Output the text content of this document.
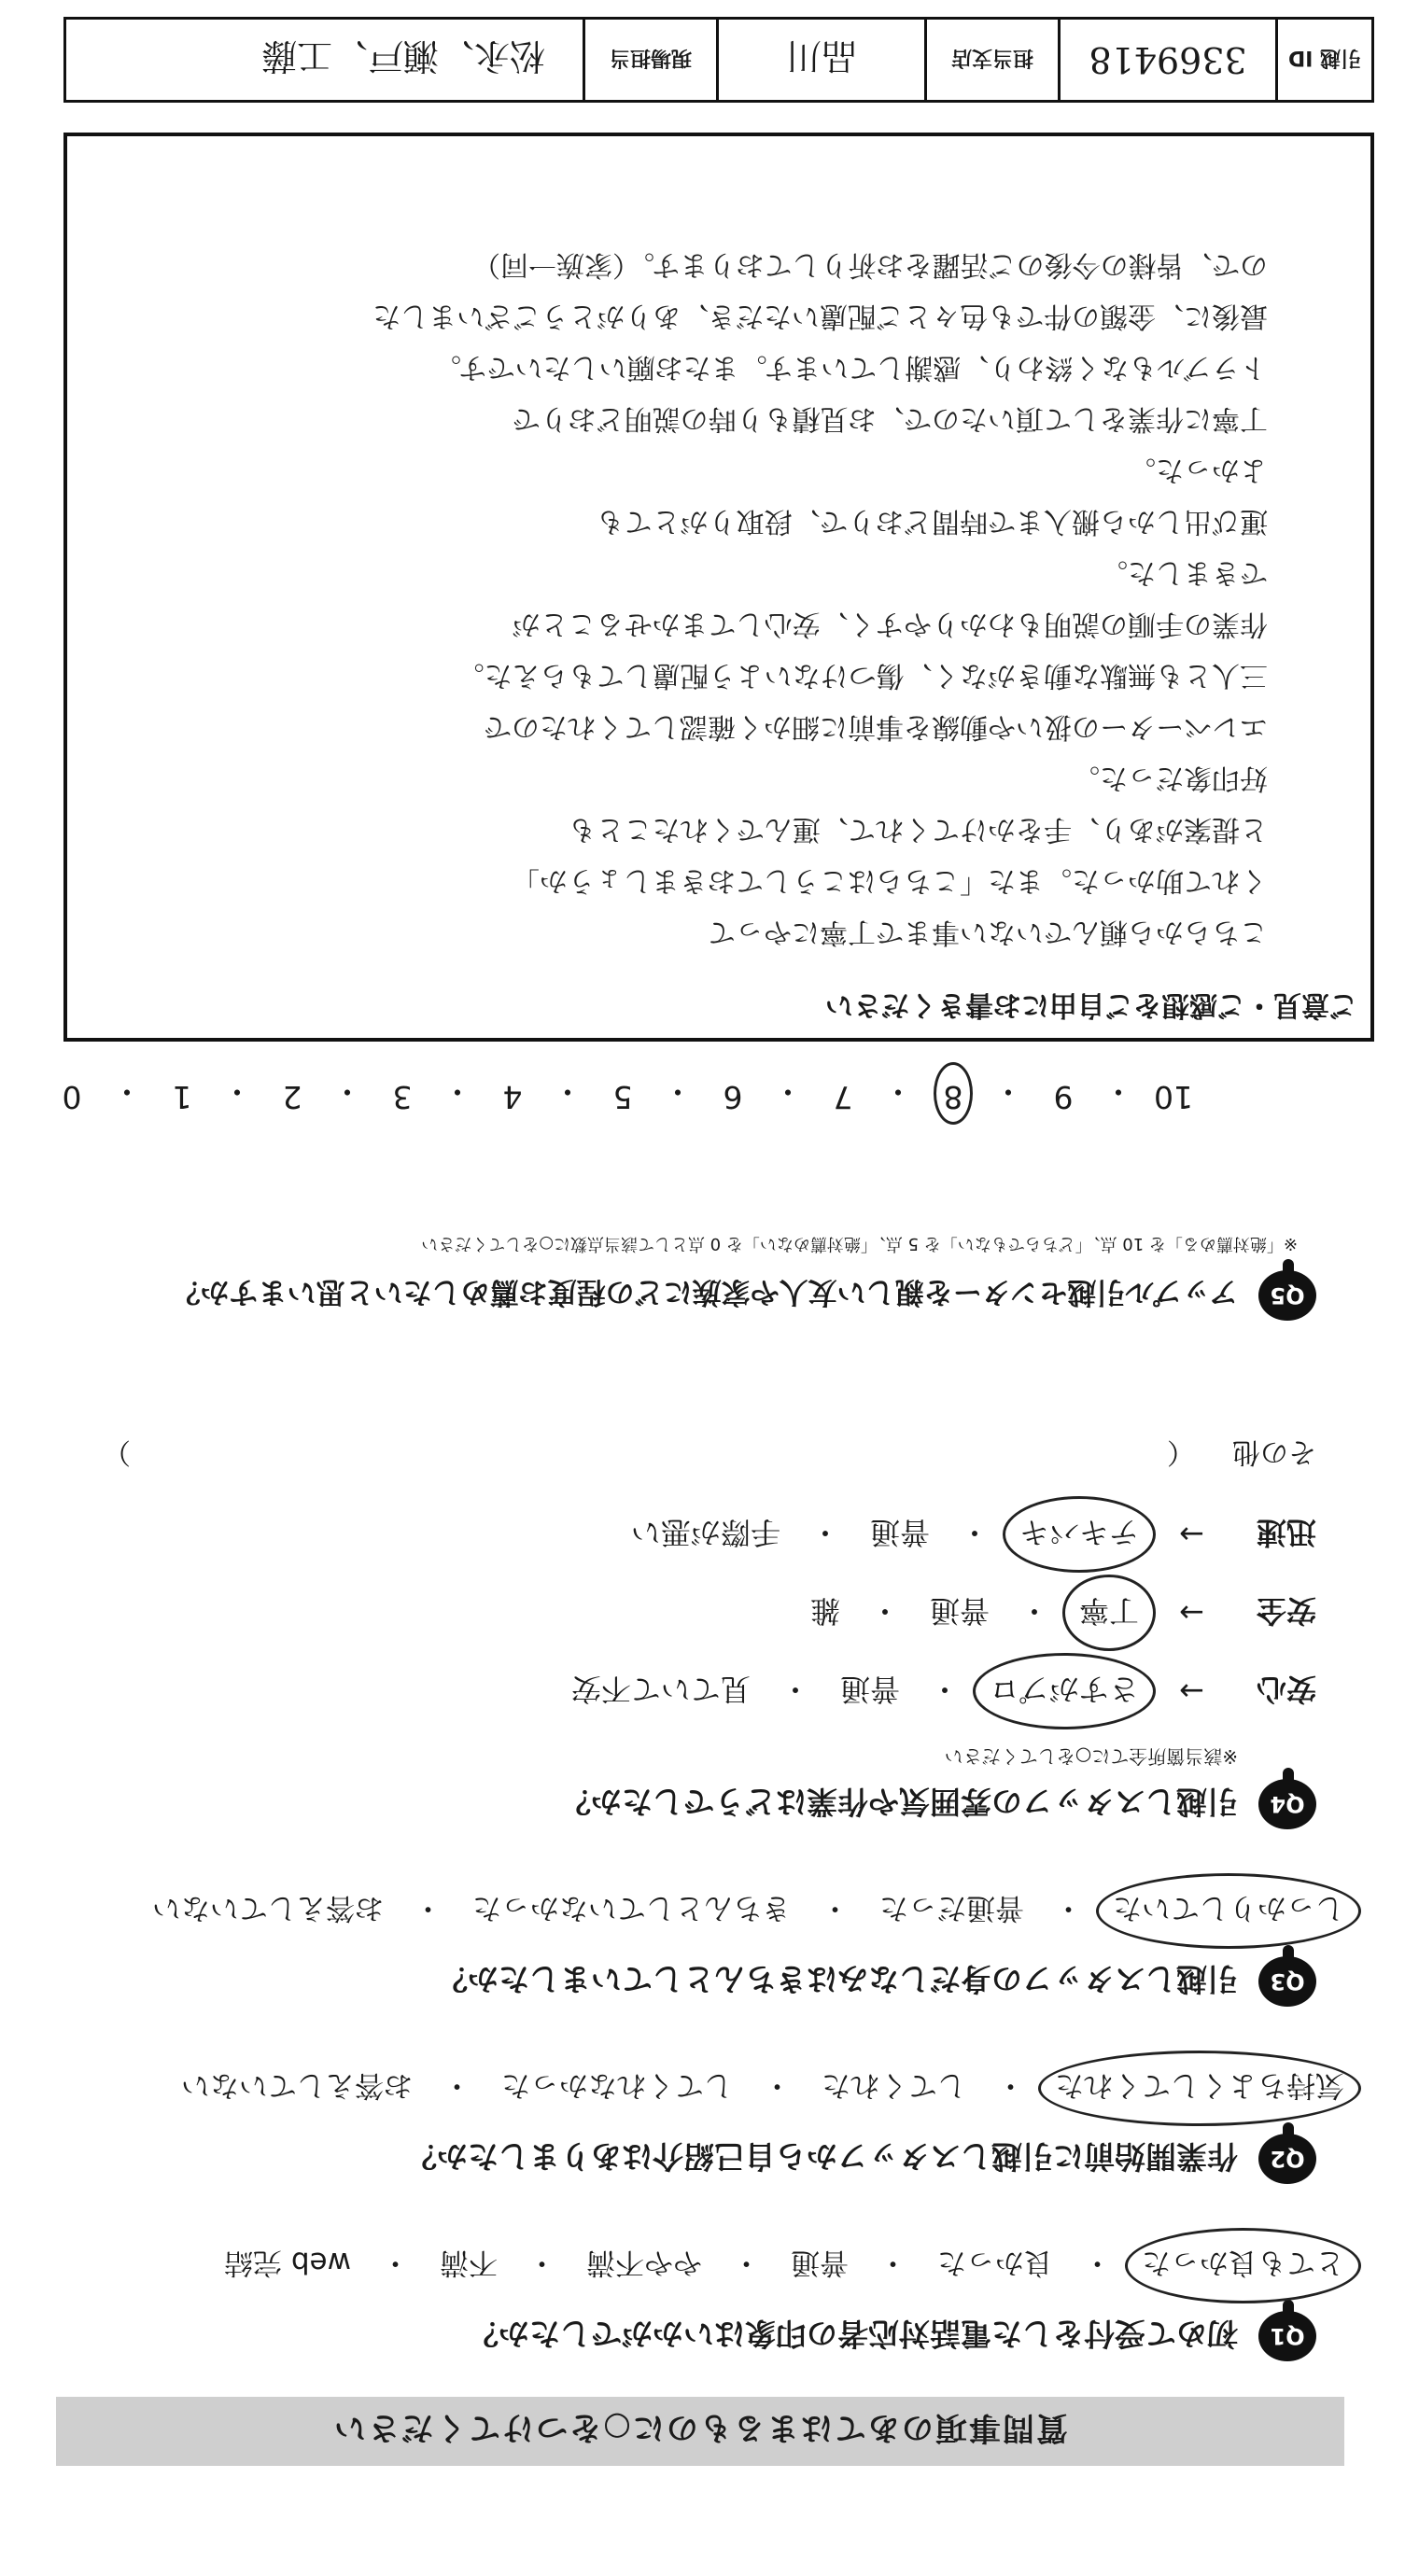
質問事項のあてはまるものに○をつけてください
Q1
初めて受付をした電話対応者の印象はいかがでしたか？
とても良かった
・
良かった
・
普通
・
やや不満
・
不満
・
web 完結
Q2
作業開始前に引越しスタッフから自己紹介はありましたか？
気持ちよくしてくれた
・
してくれた
・
してくれなかった
・
お答えしていない
Q3
引越しスタッフの身だしなみはきちんとしていましたか？
しっかりしていた
・
普通だった
・
きちんとしていなかった
・
お答えしていない
Q4
引越しスタッフの雰囲気や作業はどうでしたか？
※該当箇所全てに○をしてください
安心
→
さすがプロ
・
普通
・
見ていて不安
安全
→
丁寧
・
普通
・
雑
迅速
→
テキパキ
・
普通
・
手際が悪い
その他
（
）
Q5
アップル引越センターを親しい友人や家族にどの程度お薦めしたいと思いますか？
※「絶対薦める」を 10 点、「どちらでもない」を 5 点、「絶対薦めない」を 0 点として該当点数に○をしてください
10
・
9
・
8
・
7
・
6
・
5
・
4
・
3
・
2
・
1
・
0
ご意見・ご感想をご自由にお書きください
こちらから頼んでいない事まで丁寧にやって
くれて助かった。また「こちらはこうしておきましょうか」
と提案があり、手をかけてくれて、運んでくれたことも
好印象だった。
エレベーターの扱いや動線を事前に細かく確認してくれたので
三人とも無駄な動きがなく、傷つけないよう配慮してもらえた。
作業の手順の説明もわかりやすく、安心してまかせることが
できました。
運び出しから搬入まで時間どおりで、段取りがとても
よかった。
丁寧に作業をして頂いたので、お見積もり時の説明どおりで
トラブルもなく終わり、感謝しています。またお願いしたいです。
最後に、金額の件でも色々とご配慮いただき、ありがとうございました
ので、皆様の今後のご活躍をお祈りしております。（家族一同）
引越 ID
3369418
担当支店
品川
現場担当
松永、瀬戸、工藤
